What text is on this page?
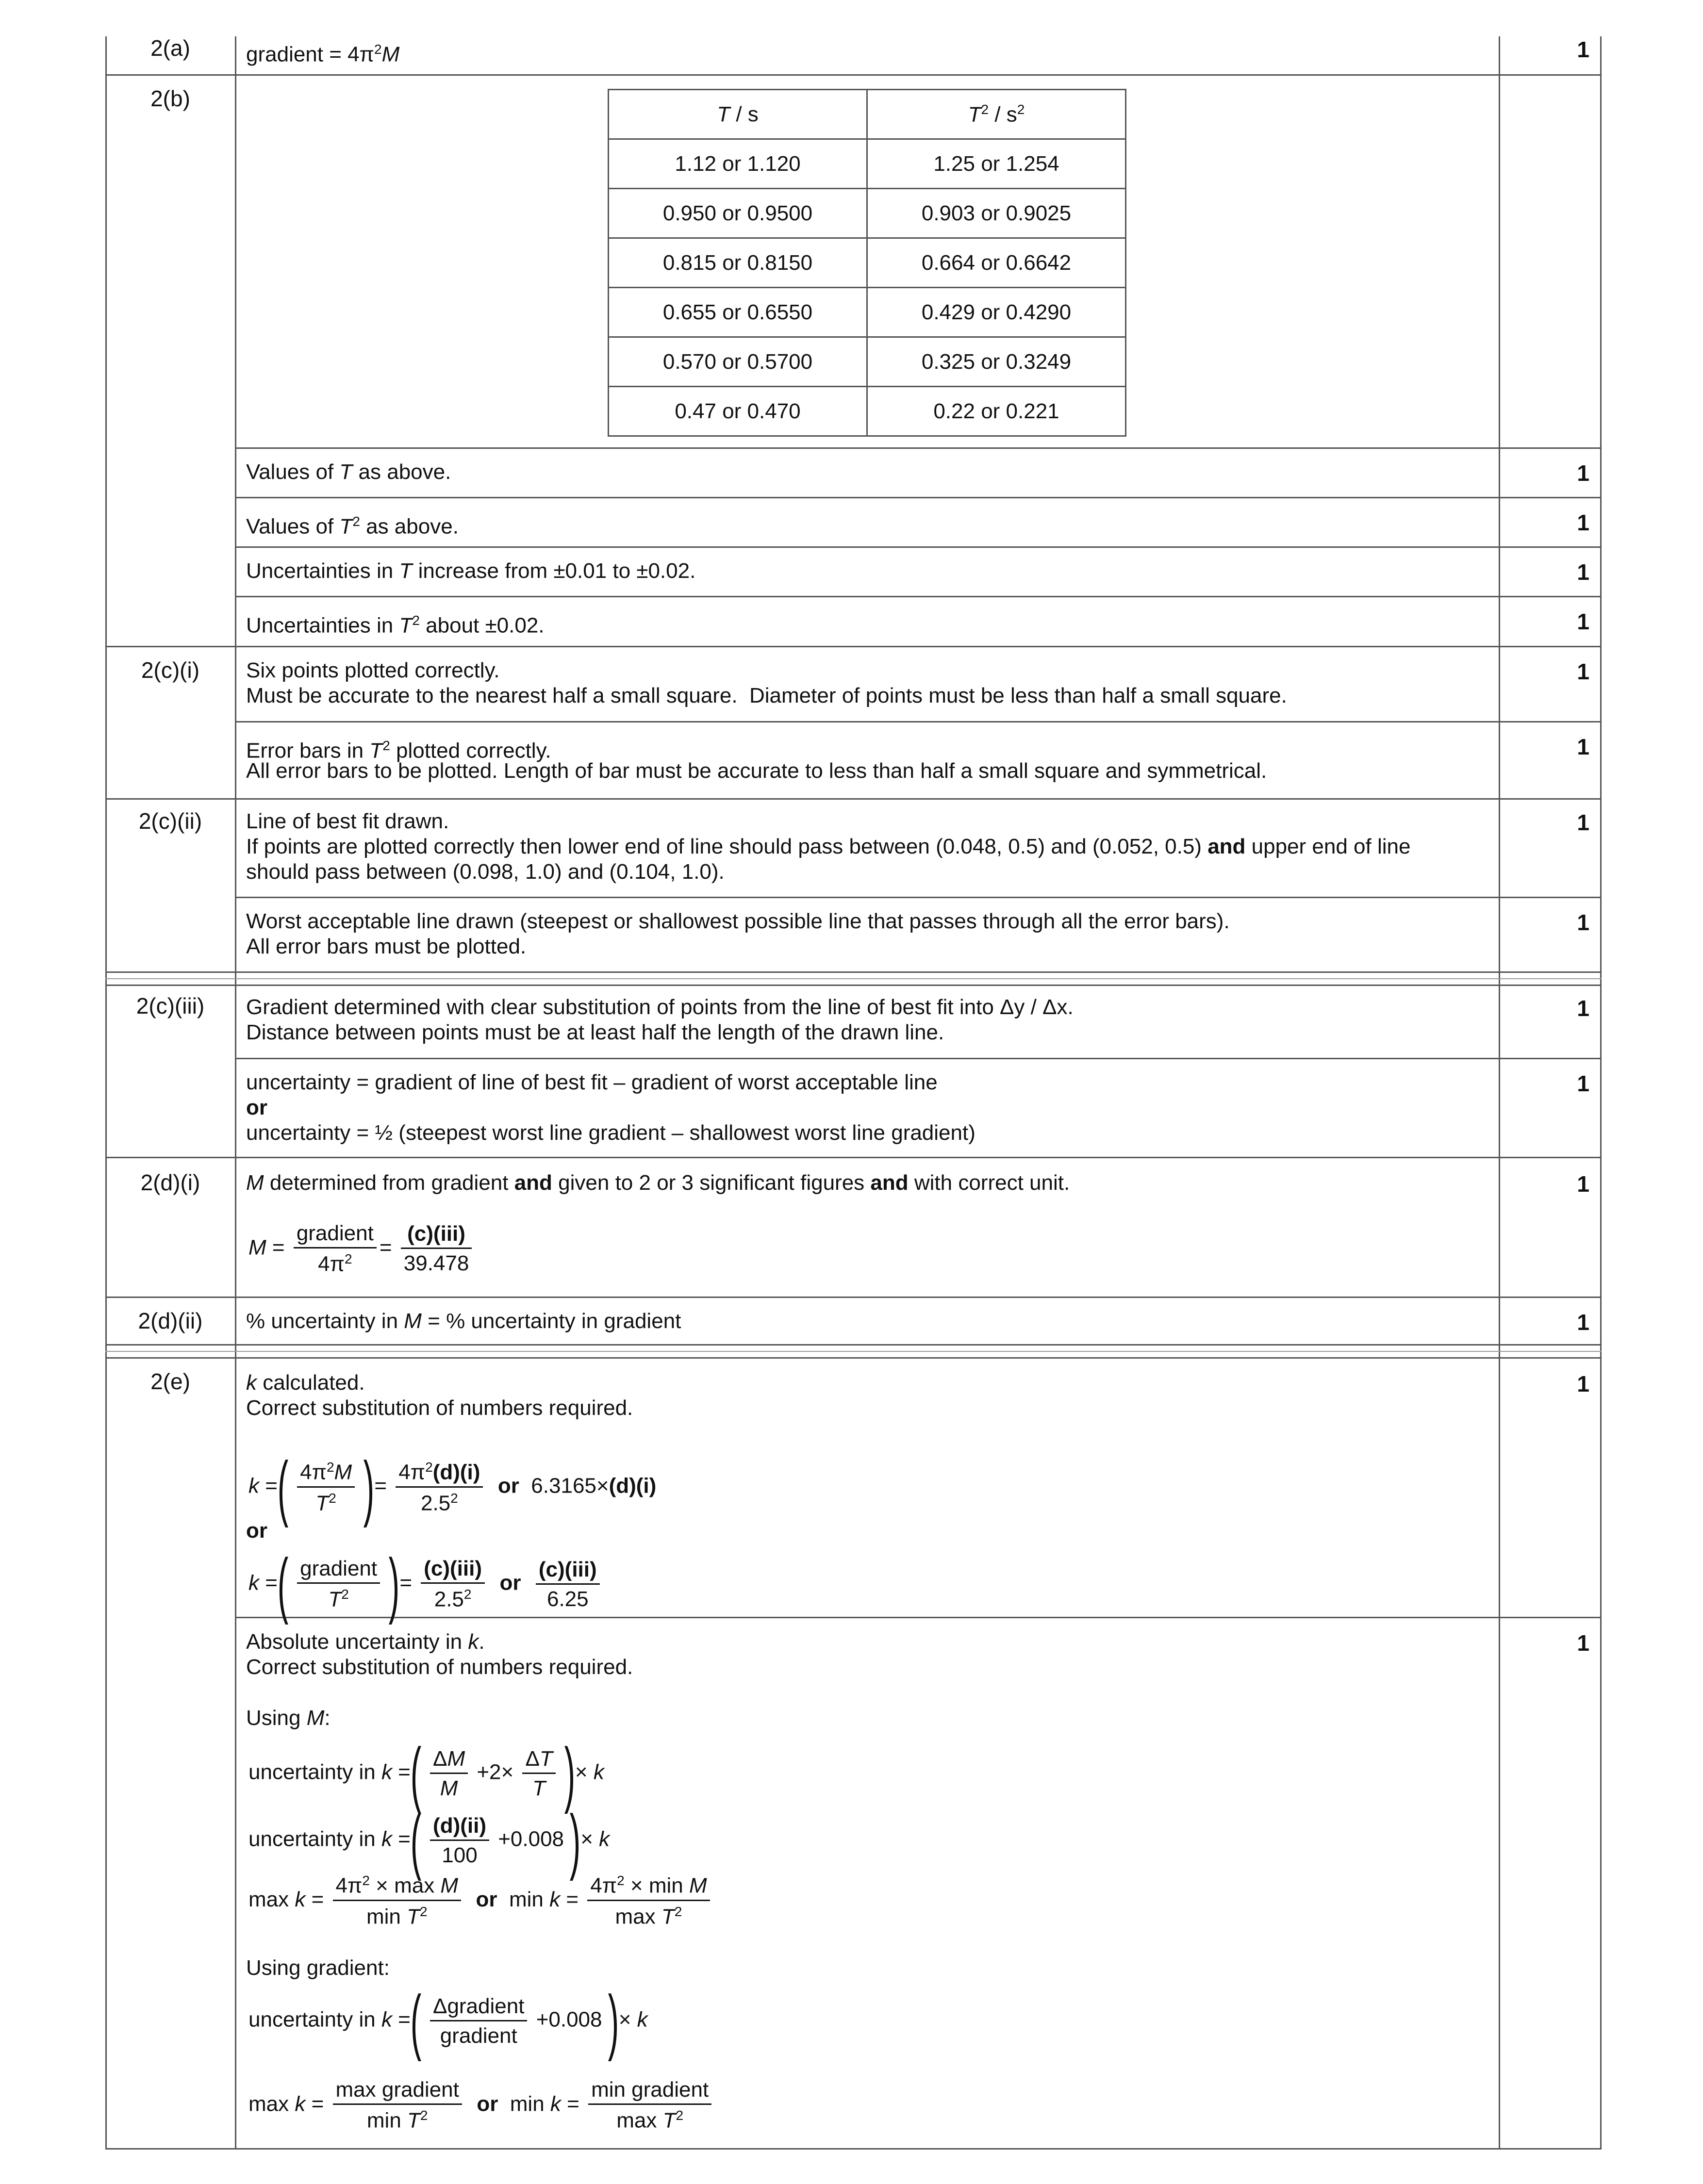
2(a)	gradient = $4\pi^2M$	1
2(b)
T / s	$T^2 / s^2$
1.12 or 1.120	1.25 or 1.254
0.950 or 0.9500	0.903 or 0.9025
0.815 or 0.8150	0.664 or 0.6642
0.655 or 0.6550	0.429 or 0.4290
0.570 or 0.5700	0.325 or 0.3249
0.47 or 0.470	0.22 or 0.221
Values of T as above.	1
Values of $T^2$ as above.	1
Uncertainties in T increase from ±0.01 to ±0.02.	1
Uncertainties in $T^2$ about ±0.02.	1
2(c)(i)	Six points plotted correctly.
Must be accurate to the nearest half a small square.  Diameter of points must be less than half a small square.
1
Error bars in $T^2$ plotted correctly.
All error bars to be plotted. Length of bar must be accurate to less than half a small square and symmetrical.
1
2(c)(ii)	Line of best fit drawn.
If points are plotted correctly then lower end of line should pass between (0.048, 0.5) and (0.052, 0.5) and upper end of line
should pass between (0.098, 1.0) and (0.104, 1.0).
1
Worst acceptable line drawn (steepest or shallowest possible line that passes through all the error bars).
All error bars must be plotted.
1
2(c)(iii)	Gradient determined with clear substitution of points from the line of best fit into Δy / Δx.
Distance between points must be at least half the length of the drawn line.
1
uncertainty = gradient of line of best fit – gradient of worst acceptable line
or
uncertainty = ½ (steepest worst line gradient – shallowest worst line gradient)
1
2(d)(i)	M determined from gradient and given to 2 or 3 significant figures and with correct unit.	1
$M = \frac{\text{gradient}}{4\pi^2} = \frac{\text{(c)(iii)}}{39.478}$
2(d)(ii)	% uncertainty in M = % uncertainty in gradient	1
2(e)	k calculated.
Correct substitution of numbers required.
1
k =( $\frac{4\pi^2M}{T^2}$ )= $\frac{4\pi^2(d)(i)}{2.5^2}$ or  6.3165×(d)(i)
or
k =( $\frac{\text{gradient}}{T^2}$ )= $\frac{\text{(c)(iii)}}{2.5^2}$ or $\frac{\text{(c)(iii)}}{6.25}$
Absolute uncertainty in k.
Correct substitution of numbers required.
1
Using M:
uncertainty in k =( $\frac{\Delta M}{M} +2\times \frac{\Delta T}{T}$ )× k
uncertainty in k =( $\frac{(d)(ii)}{100} +0.008$ )× k
$\max k = \frac{4\pi^2 \times \max M}{\min T^2}$ or  $\min k = \frac{4\pi^2 \times \min M}{\max T^2}$
Using gradient:
uncertainty in k =( $\frac{\text{Δgradient}}{\text{gradient}} +0.008$ )× k
$\max k = \frac{\text{max gradient}}{\min T^2}$ or  $\min k = \frac{\text{min gradient}}{\max T^2}$
